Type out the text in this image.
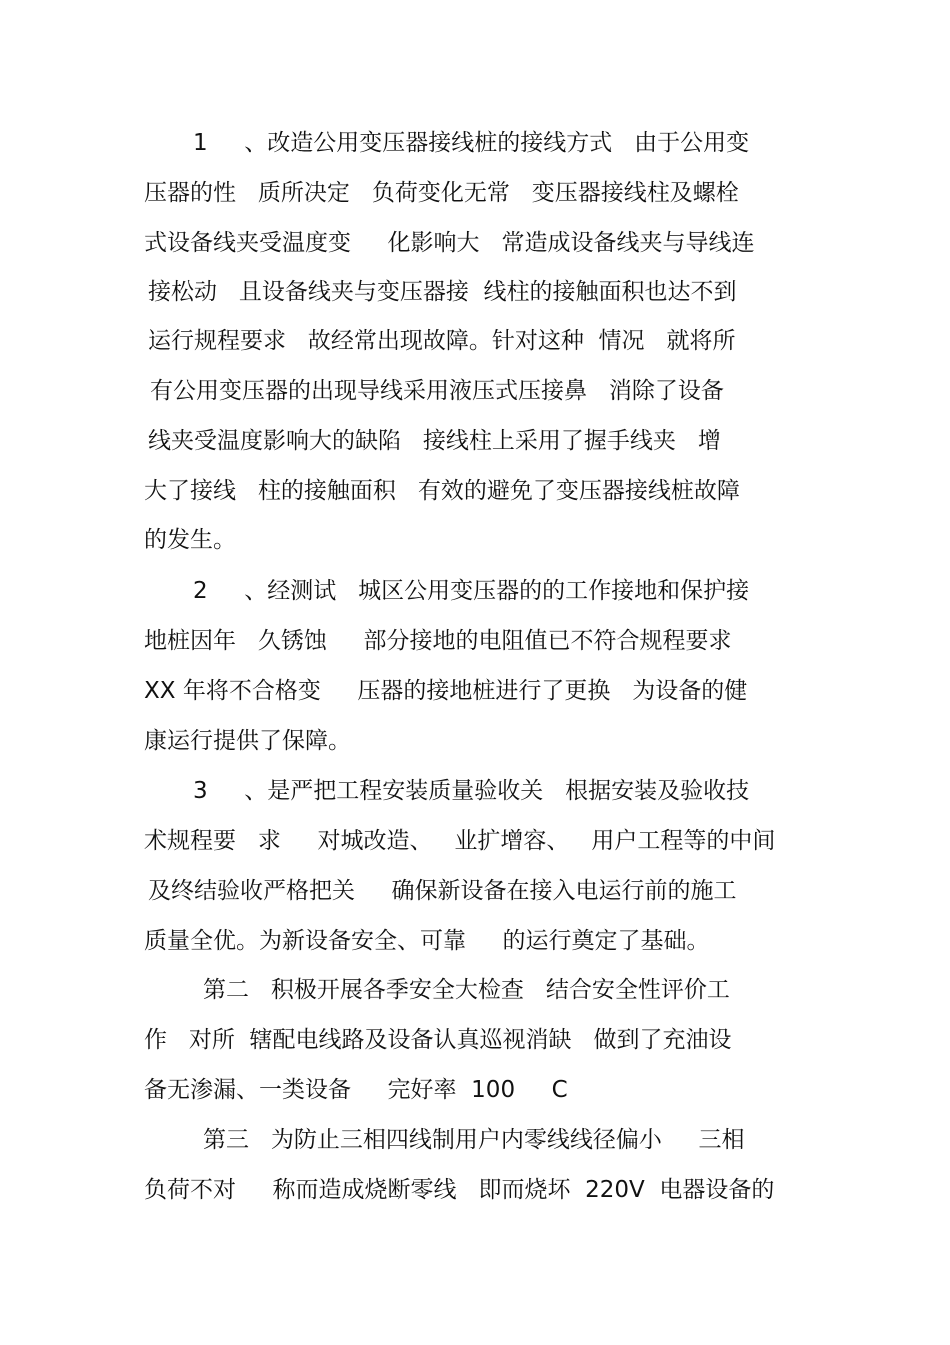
1     、改造公用变压器接线桩的接线方式   由于公用变
压器的性   质所决定   负荷变化无常   变压器接线柱及螺栓
式设备线夹受温度变     化影响大   常造成设备线夹与导线连
接松动   且设备线夹与变压器接  线柱的接触面积也达不到
运行规程要求   故经常出现故障。针对这种  情况   就将所
有公用变压器的出现导线采用液压式压接鼻   消除了设备
线夹受温度影响大的缺陷   接线柱上采用了握手线夹   增
大了接线   柱的接触面积   有效的避免了变压器接线桩故障
的发生。
2     、经测试   城区公用变压器的的工作接地和保护接
地桩因年   久锈蚀     部分接地的电阻值已不符合规程要求
XX 年将不合格变     压器的接地桩进行了更换   为设备的健
康运行提供了保障。
3     、是严把工程安装质量验收关   根据安装及验收技
术规程要   求     对城改造、   业扩增容、   用户工程等的中间
及终结验收严格把关     确保新设备在接入电运行前的施工
质量全优。为新设备安全、可靠     的运行奠定了基础。
第二   积极开展各季安全大检查   结合安全性评价工
作   对所  辖配电线路及设备认真巡视消缺   做到了充油设
备无渗漏、一类设备     完好率  100     C
第三   为防止三相四线制用户内零线线径偏小     三相
负荷不对     称而造成烧断零线   即而烧坏  220V  电器设备的
